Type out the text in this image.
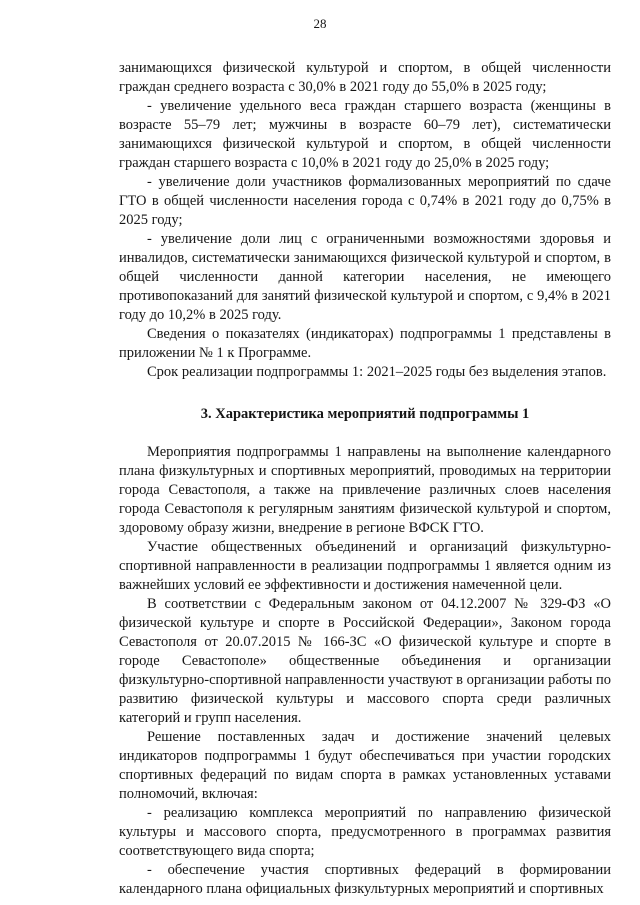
28

занимающихся физической культурой и спортом, в общей численности граждан среднего возраста с 30,0% в 2021 году до 55,0% в 2025 году;

- увеличение удельного веса граждан старшего возраста (женщины в возрасте 55–79 лет; мужчины в возрасте 60–79 лет), систематически занимающихся физической культурой и спортом, в общей численности граждан старшего возраста с 10,0% в 2021 году до 25,0% в 2025 году;

- увеличение доли участников формализованных мероприятий по сдаче ГТО в общей численности населения города с 0,74% в 2021 году до 0,75% в 2025 году;

- увеличение доли лиц с ограниченными возможностями здоровья и инвалидов, систематически занимающихся физической культурой и спортом, в общей численности данной категории населения, не имеющего противопоказаний для занятий физической культурой и спортом, с 9,4% в 2021 году до 10,2% в 2025 году.

Сведения о показателях (индикаторах) подпрограммы 1 представлены в приложении № 1 к Программе.

Срок реализации подпрограммы 1: 2021–2025 годы без выделения этапов.

3. Характеристика мероприятий подпрограммы 1

Мероприятия подпрограммы 1 направлены на выполнение календарного плана физкультурных и спортивных мероприятий, проводимых на территории города Севастополя, а также на привлечение различных слоев населения города Севастополя к регулярным занятиям физической культурой и спортом, здоровому образу жизни, внедрение в регионе ВФСК ГТО.

Участие общественных объединений и организаций физкультурно-спортивной направленности в реализации подпрограммы 1 является одним из важнейших условий ее эффективности и достижения намеченной цели.

В соответствии с Федеральным законом от 04.12.2007 № 329-ФЗ «О физической культуре и спорте в Российской Федерации», Законом города Севастополя от 20.07.2015 № 166-ЗС «О физической культуре и спорте в городе Севастополе» общественные объединения и организации физкультурно-спортивной направленности участвуют в организации работы по развитию физической культуры и массового спорта среди различных категорий и групп населения.

Решение поставленных задач и достижение значений целевых индикаторов подпрограммы 1 будут обеспечиваться при участии городских спортивных федераций по видам спорта в рамках установленных уставами полномочий, включая:

- реализацию комплекса мероприятий по направлению физической культуры и массового спорта, предусмотренного в программах развития соответствующего вида спорта;

- обеспечение участия спортивных федераций в формировании календарного плана официальных физкультурных мероприятий и спортивных
